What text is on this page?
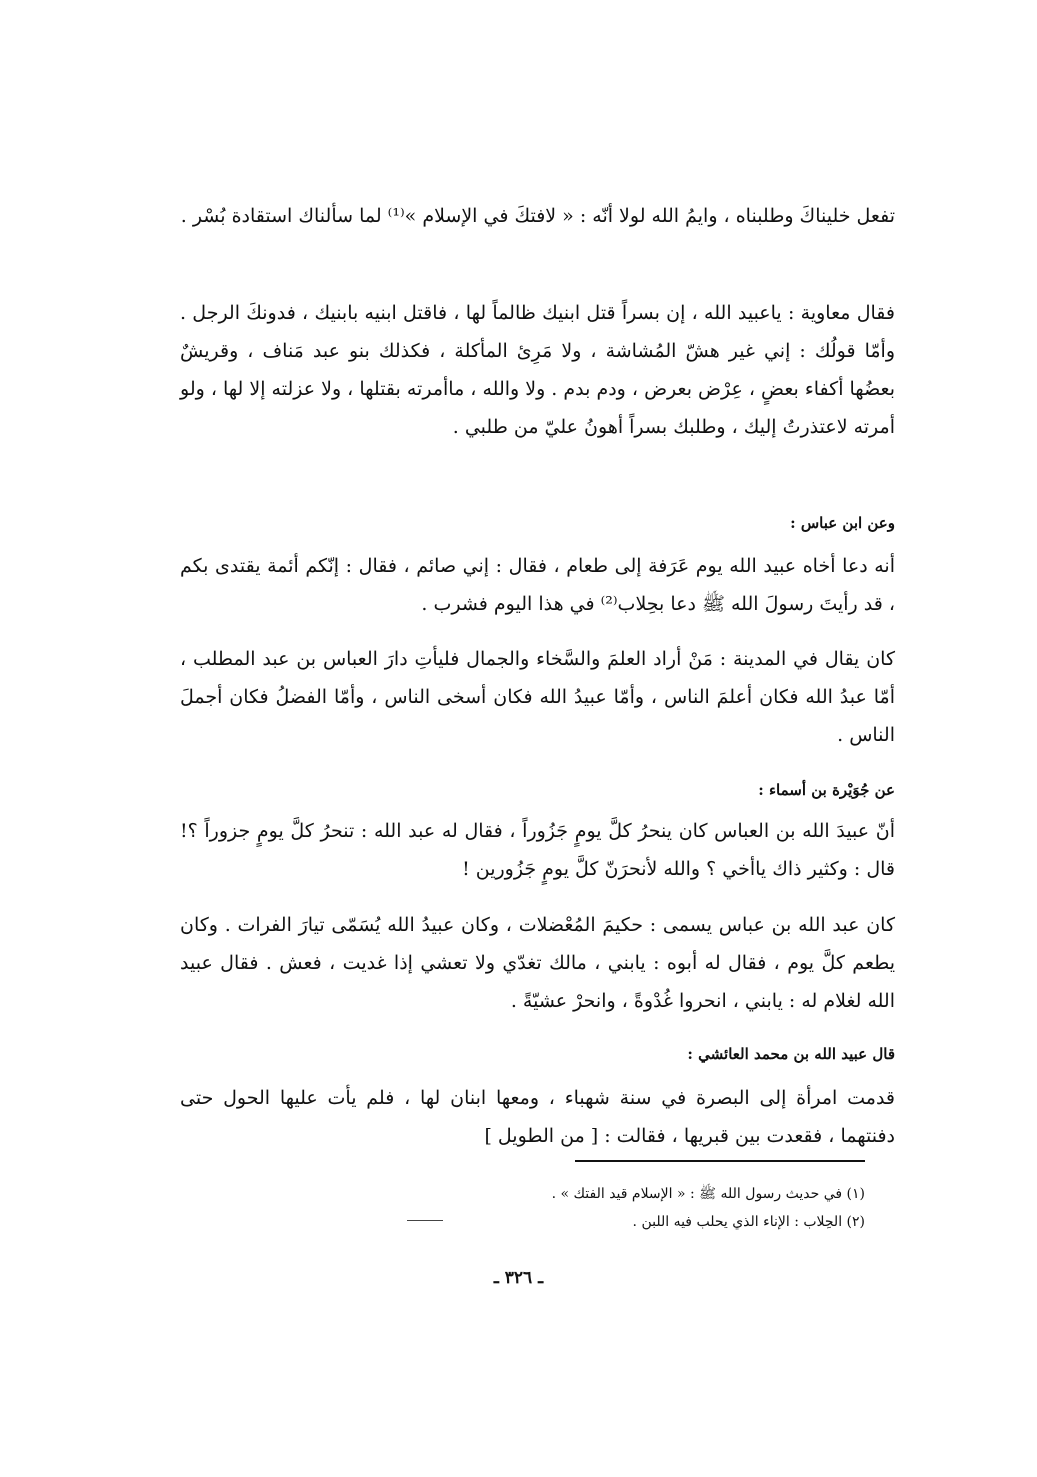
تفعل خليناكَ وطلبناه ، وايمُ الله لولا أنّه : « لافتكَ في الإسلام »⁽¹⁾ لما سألناك استقادة بُسْر .

فقال معاوية : ياعبيد الله ، إن بسراً قتل ابنيك ظالماً لها ، فاقتل ابنيه بابنيك ، فدونكَ الرجل . وأمّا قولُك : إني غير هشّ المُشاشة ، ولا مَرِئ المأكلة ، فكذلك بنو عبد مَناف ، وقريشٌ بعضُها أكفاء بعضٍ ، عِرْض بعرض ، ودم بدم . ولا والله ، ماأمرته بقتلها ، ولا عزلته إلا لها ، ولو أمرته لاعتذرتُ إليك ، وطلبك بسراً أهونُ عليّ من طلبي .

وعن ابن عباس :

أنه دعا أخاه عبيد الله يوم عَرَفة إلى طعام ، فقال : إني صائم ، فقال : إنّكم أئمة يقتدى بكم ، قد رأيتَ رسولَ الله ﷺ دعا بحِلاب⁽²⁾ في هذا اليوم فشرب .

كان يقال في المدينة : مَنْ أراد العلمَ والسَّخاء والجمال فليأتِ دارَ العباس بن عبد المطلب ، أمّا عبدُ الله فكان أعلمَ الناس ، وأمّا عبيدُ الله فكان أسخى الناس ، وأمّا الفضلُ فكان أجملَ الناس .

عن جُوَيْرة بن أسماء :

أنّ عبيدَ الله بن العباس كان ينحرُ كلَّ يومٍ جَزُوراً ، فقال له عبد الله : تنحرُ كلَّ يومٍ جزوراً ؟! قال : وكثير ذاك ياأخي ؟ والله لأنحرَنّ كلَّ يومٍ جَزُورين !

كان عبد الله بن عباس يسمى : حكيمَ المُعْضلات ، وكان عبيدُ الله يُسَمّى تيارَ الفرات . وكان يطعم كلَّ يوم ، فقال له أبوه : يابني ، مالك تغدّي ولا تعشي إذا غديت ، فعش . فقال عبيد الله لغلام له : يابني ، انحروا غُدْوةً ، وانحرْ عشيّةً .

قال عبيد الله بن محمد العائشي :

قدمت امرأة إلى البصرة في سنة شهباء ، ومعها ابنان لها ، فلم يأت عليها الحول حتى دفنتهما ، فقعدت بين قبريها ، فقالت : [ من الطويل ]

(١) في حديث رسول الله ﷺ : « الإسلام قيد الفتك » .
(٢) الحِلاب : الإناء الذي يحلب فيه اللبن .
ـ ٣٢٦ ـ
